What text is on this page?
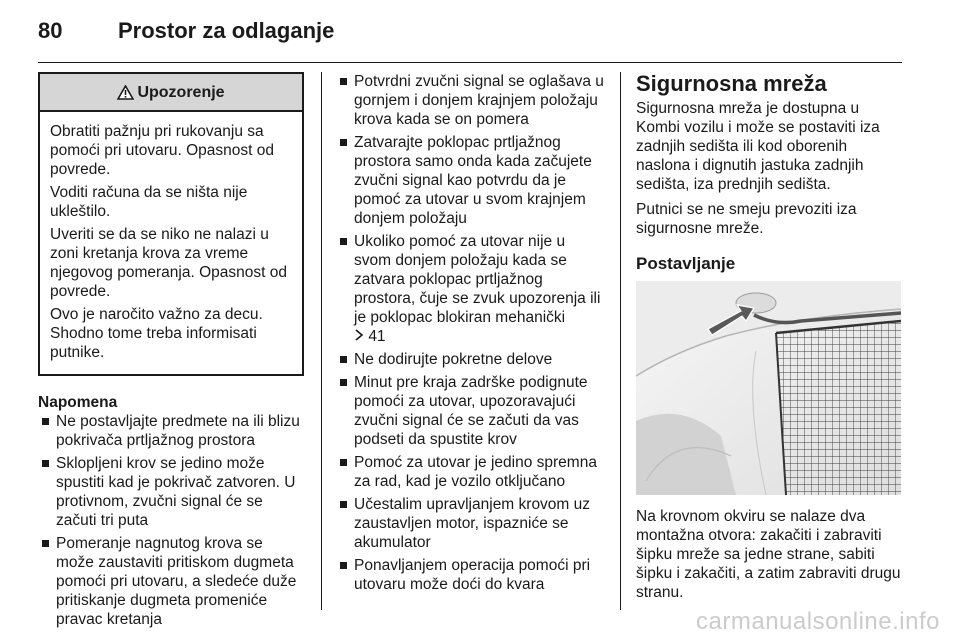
80	Prostor za odlaganje
Upozorenje

Obratiti pažnju pri rukovanju sa pomoći pri utovaru. Opasnost od povrede.

Voditi računa da se ništa nije ukleštilo.

Uveriti se da se niko ne nalazi u zoni kretanja krova za vreme njegovog pomeranja. Opasnost od povrede.

Ovo je naročito važno za decu. Shodno tome treba informisati putnike.

Napomena
Ne postavljajte predmete na ili blizu pokrivača prtljažnog prostora
Sklopljeni krov se jedino može spustiti kad je pokrivač zatvoren. U protivnom, zvučni signal će se začuti tri puta
Pomeranje nagnutog krova se može zaustaviti pritiskom dugmeta pomoći pri utovaru, a sledeće duže pritiskanje dugmeta promeniće pravac kretanja
Potvrdni zvučni signal se oglašava u gornjem i donjem krajnjem položaju krova kada se on pomera
Zatvarajte poklopac prtljažnog prostora samo onda kada začujete zvučni signal kao potvrdu da je pomoć za utovar u svom krajnjem donjem položaju
Ukoliko pomoć za utovar nije u svom donjem položaju kada se zatvara poklopac prtljažnog prostora, čuje se zvuk upozorenja ili je poklopac blokiran mehanički
41
Ne dodirujte pokretne delove
Minut pre kraja zadrške podignute pomoći za utovar, upozoravajući zvučni signal će se začuti da vas podseti da spustite krov
Pomoć za utovar je jedino spremna za rad, kad je vozilo otključano
Učestalim upravljanjem krovom uz zaustavljen motor, ispazniće se akumulator
Ponavljanjem operacija pomoći pri utovaru može doći do kvara
Sigurnosna mreža

Sigurnosna mreža je dostupna u Kombi vozilu i može se postaviti iza zadnjih sedišta ili kod oborenih naslona i dignutih jastuka zadnjih sedišta, iza prednjih sedišta.

Putnici se ne smeju prevoziti iza sigurnosne mreže.

Postavljanje

Na krovnom okviru se nalaze dva montažna otvora: zakačiti i zabraviti šipku mreže sa jedne strane, sabiti šipku i zakačiti, a zatim zabraviti drugu stranu.

carmanualsonline.info
